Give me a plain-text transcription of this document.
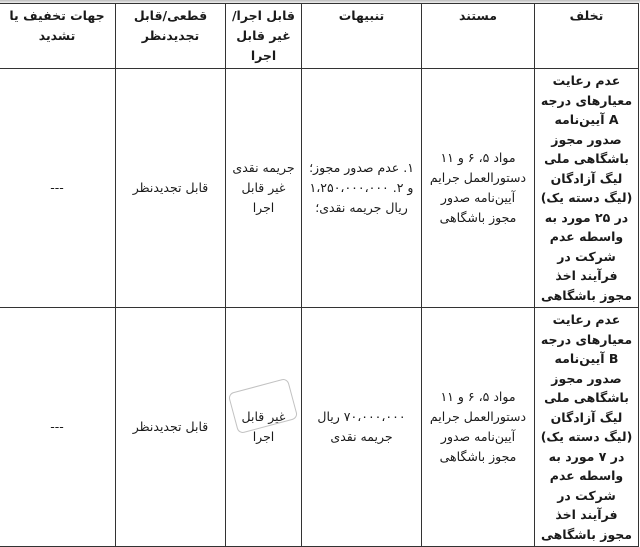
تخلف	مستند	تنبیهات	قابل اجرا/غیر قابل اجرا	قطعی/قابل تجدیدنظر	جهات تخفیف یا تشدید
عدم رعایت معیارهای درجه A آیین‌نامه صدور مجوز باشگاهی ملی لیگ آزادگان (لیگ دسته یک) در ۲۵ مورد به واسطه عدم شرکت در فرآیند اخذ مجوز باشگاهی	مواد ۵، ۶ و ۱۱ دستورالعمل جرایم آیین‌نامه صدور مجوز باشگاهی	۱. عدم صدور مجوز؛ و ۲. ۱،۲۵۰،۰۰۰،۰۰۰ ریال جریمه نقدی؛	جریمه نقدی غیر قابل اجرا	قابل تجدیدنظر	---
عدم رعایت معیارهای درجه B آیین‌نامه صدور مجوز باشگاهی ملی لیگ آزادگان (لیگ دسته یک) در ۷ مورد به واسطه عدم شرکت در فرآیند اخذ مجوز باشگاهی	مواد ۵، ۶ و ۱۱ دستورالعمل جرایم آیین‌نامه صدور مجوز باشگاهی	۷۰،۰۰۰،۰۰۰ ریال جریمه نقدی	غیر قابل اجرا	قابل تجدیدنظر	---
